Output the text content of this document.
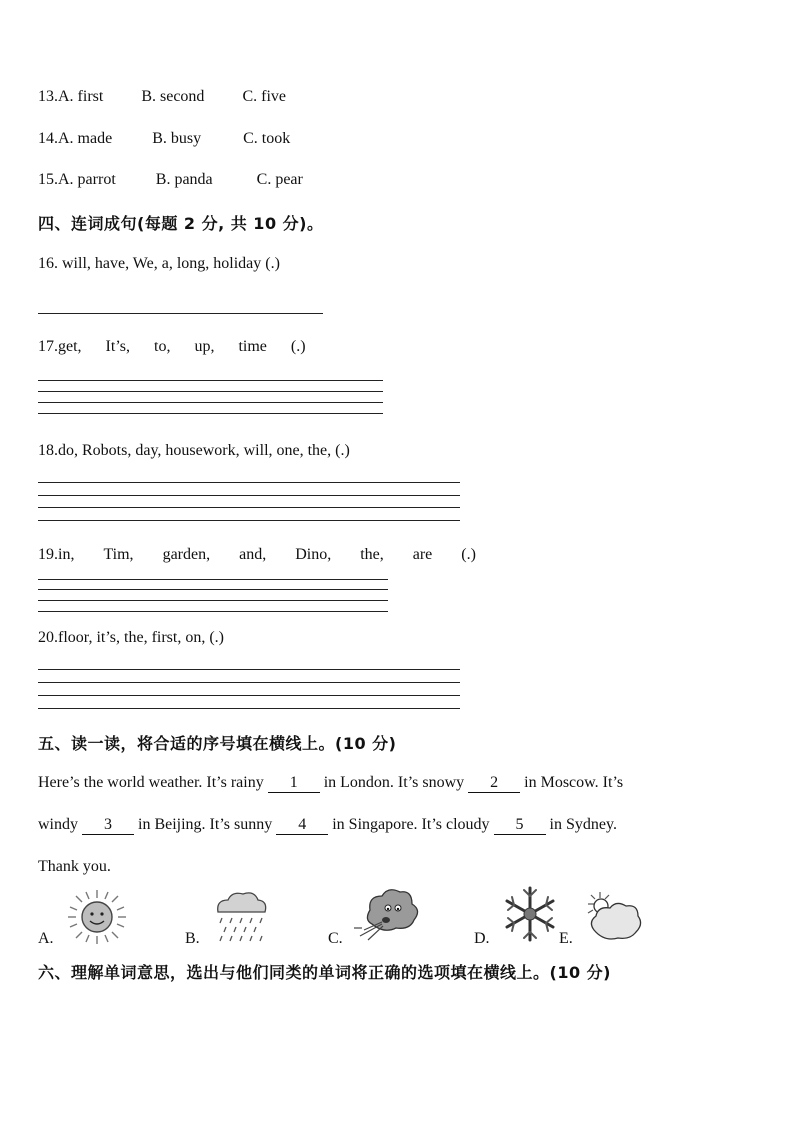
13.A. first B. second C. five
14.A. made	B. busy	C. took
15.A. parrot	B. panda	C. pear
四、连词成句(每题 2 分, 共 10 分)。
16. will, have, We, a, long, holiday (.)
17.get, It’s, to, up, time (.)
18.do, Robots, day, housework, will, one, the, (.)
19.in, Tim, garden, and, Dino, the, are (.)
20.floor, it’s, the, first, on, (.)
五、读一读，将合适的序号填在横线上。(10 分)
Here’s the world weather. It’s rainy 1 in London. It’s snowy 2 in Moscow. It’s
windy 3 in Beijing. It’s sunny 4 in Singapore. It’s cloudy 5 in Sydney.
Thank you.
A.	B.	C.	D.	E.
六、理解单词意思，选出与他们同类的单词将正确的选项填在横线上。(10 分)
